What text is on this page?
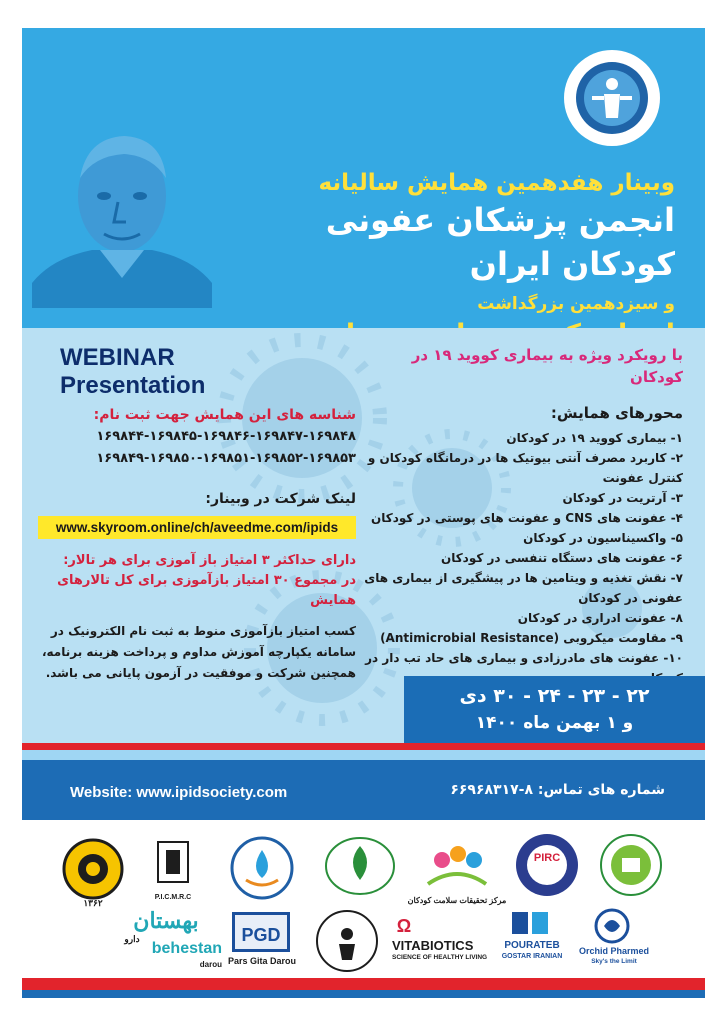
وبینار هفدهمین همایش سالیانه
انجمن پزشکان عفونی کودکان ایران
و سیزدهمین بزرگداشت
WEBINAR
Presentation
شناسه های این همایش جهت ثبت نام:
۱۶۹۸۴۴-۱۶۹۸۴۵-۱۶۹۸۴۶-۱۶۹۸۴۷-۱۶۹۸۴۸
۱۶۹۸۴۹-۱۶۹۸۵۰-۱۶۹۸۵۱-۱۶۹۸۵۲-۱۶۹۸۵۳
لینک شرکت در وبینار:
www.skyroom.online/ch/aveedme.com/ipids
دارای حداکثر ۳ امتیاز باز آموزی برای هر تالار:
در مجموع ۳۰ امتیاز بازآموزی برای کل تالارهای همایش
کسب امتیاز بازآموزی منوط به ثبت نام الکترونیک در
سامانه یکپارچه آموزش مداوم و پرداخت هزینه برنامه،
همچنین شرکت و موفقیت در آزمون پایانی می باشد.
با رویکرد ویژه به بیماری کووید ۱۹ در کودکان
محورهای همایش:
۱- بیماری کووید ۱۹ در کودکان
۲- کاربرد مصرف آنتی بیوتیک ها در درمانگاه کودکان و
کنترل عفونت
۳- آرتریت در کودکان
۴- عفونت های CNS و عفونت های پوستی در کودکان
۵- واکسیناسیون در کودکان
۶- عفونت های دستگاه تنفسی در کودکان
۷- نقش تغذیه و ویتامین ها در پیشگیری از بیماری های
عفونی در کودکان
۸- عفونت ادراری در کودکان
۹- مقاومت میکروبی (Antimicrobial Resistance)
۱۰- عفونت های مادرزادی و بیماری های حاد تب دار در
۲۲ - ۲۳ - ۲۴ - ۳۰ دی
و ۱ بهمن ماه ۱۴۰۰
Website: www.ipidsociety.com	شماره های تماس: ۸-۶۶۹۶۸۳۱۷
۱۳۶۲
P.I.C.M.R.C	مرکز تحقیقات سلامت کودکان
PIRC
بهستان
دارو
behestan
darou
PGD
Pars Gita Darou
Ω
VITABIOTICS
SCIENCE OF HEALTHY LIVING
POURATEB
GOSTAR IRANIAN
Orchid Pharmed
Sky's the Limit
